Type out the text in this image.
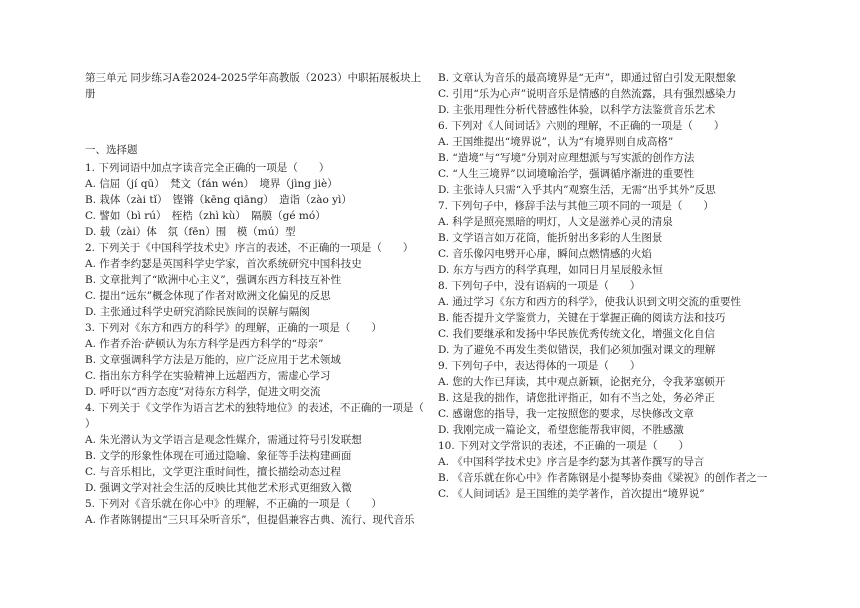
第三单元 同步练习A卷2024-2025学年高教版（2023）中职拓展板块上册
一、选择题
1. 下列词语中加点字读音完全正确的一项是（　　）
A. 信屈（jí qū）　梵文（fán wén）　境界（jìng jiè）
B. 栽体（zài tǐ）　铿锵（kēng qiāng）　造诣（zào yì）
C. 譬如（bì rú）　桎梏（zhì kù）　隔膜（gé mó）
D. 载（zài）体　氛（fēn）围　模（mú）型
2. 下列关于《中国科学技术史》序言的表述，不正确的一项是（　　）
A. 作者李约瑟是英国科学史学家，首次系统研究中国科技史
B. 文章批判了“欧洲中心主义”，强调东西方科技互补性
C. 提出“远东”概念体现了作者对欧洲文化偏见的反思
D. 主张通过科学史研究消除民族间的误解与隔阂
3. 下列对《东方和西方的科学》的理解，正确的一项是（　　）
A. 作者乔治·萨顿认为东方科学是西方科学的“母亲”
B. 文章强调科学方法是万能的，应广泛应用于艺术领域
C. 指出东方科学在实验精神上远超西方，需虚心学习
D. 呼吁以“西方态度”对待东方科学，促进文明交流
4. 下列关于《文学作为语言艺术的独特地位》的表述，不正确的一项是（　　）
A. 朱光潜认为文学语言是观念性媒介，需通过符号引发联想
B. 文学的形象性体现在可通过隐喻、象征等手法构建画面
C. 与音乐相比，文学更注重时间性，擅长描绘动态过程
D. 强调文学对社会生活的反映比其他艺术形式更细致入微
5. 下列对《音乐就在你心中》的理解，不正确的一项是（　　）
A. 作者陈钢提出“三只耳朵听音乐”，但提倡兼容古典、流行、现代音乐
B. 文章认为音乐的最高境界是“无声”，即通过留白引发无限想象
C. 引用“乐为心声”说明音乐是情感的自然流露，具有强烈感染力
D. 主张用理性分析代替感性体验，以科学方法鉴赏音乐艺术
6. 下列对《人间词话》六则的理解，不正确的一项是（　　）
A. 王国维提出“境界说”，认为“有境界则自成高格”
B. “造境”与“写境”分别对应理想派与写实派的创作方法
C. “人生三境界”以词境喻治学，强调循序渐进的重要性
D. 主张诗人只需“入乎其内”观察生活，无需“出乎其外”反思
7. 下列句子中，修辞手法与其他三项不同的一项是（　　）
A. 科学是照亮黑暗的明灯，人文是滋养心灵的清泉
B. 文学语言如万花筒，能折射出多彩的人生图景
C. 音乐像闪电劈开心扉，瞬间点燃情感的火焰
D. 东方与西方的科学真理，如同日月星辰般永恒
8. 下列句子中，没有语病的一项是（　　）
A. 通过学习《东方和西方的科学》，使我认识到文明交流的重要性
B. 能否提升文学鉴赏力，关键在于掌握正确的阅读方法和技巧
C. 我们要继承和发扬中华民族优秀传统文化，增强文化自信
D. 为了避免不再发生类似错误，我们必须加强对课文的理解
9. 下列句子中，表达得体的一项是（　　）
A. 您的大作已拜读，其中观点新颖，论据充分，令我茅塞顿开
B. 这是我的拙作，请您批评指正，如有不当之处，务必斧正
C. 感谢您的指导，我一定按照您的要求，尽快修改文章
D. 我刚完成一篇论文，希望您能帮我审阅，不胜感激
10. 下列对文学常识的表述，不正确的一项是（　　）
A. 《中国科学技术史》序言是李约瑟为其著作撰写的导言
B. 《音乐就在你心中》作者陈钢是小提琴协奏曲《梁祝》的创作者之一
C. 《人间词话》是王国维的美学著作，首次提出“境界说”
